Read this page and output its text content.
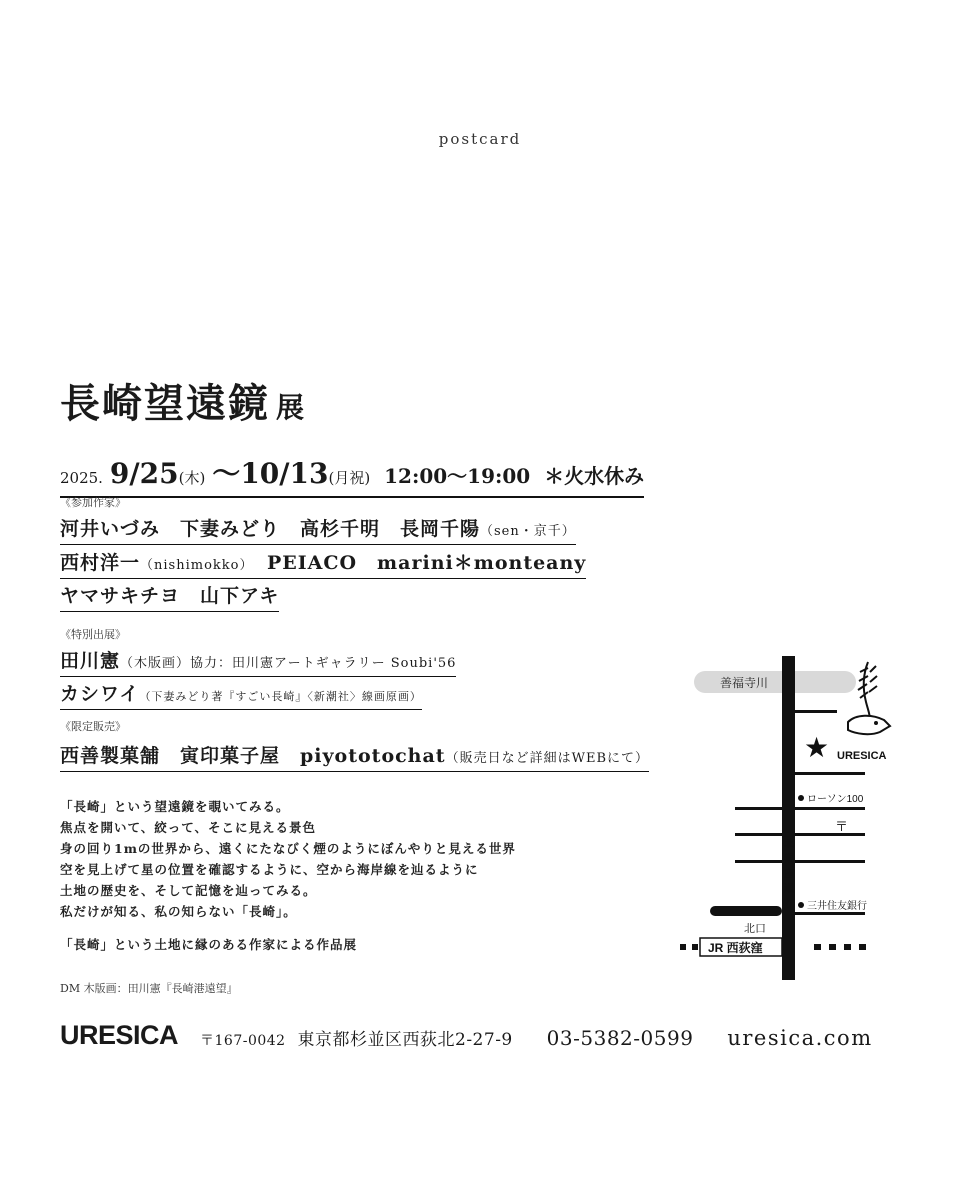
postcard
長崎望遠鏡 展
2025. 9/25(木) 〜10/13(月祝) 12:00〜19:00 ＊火水休み
《参加作家》
河井いづみ　下妻みどり　高杉千明　長岡千陽（sen・京千）
西村洋一（nishimokko）　PEIACO　marini＊monteany
ヤマサキチヨ　山下アキ
《特別出展》
田川憲（木版画）協力：田川憲アートギャラリー Soubi'56
カシワイ（下妻みどり著『すごい長崎』〈新潮社〉線画原画）
《限定販売》
西善製菓舗　寅印菓子屋　piyototochat（販売日など詳細はWEBにて）
「長崎」という望遠鏡を覗いてみる。
焦点を開いて、絞って、そこに見える景色
身の回り1mの世界から、遠くにたなびく煙のようにぼんやりと見える世界
空を見上げて星の位置を確認するように、空から海岸線を辿るように
土地の歴史を、そして記憶を辿ってみる。
私だけが知る、私の知らない「長崎」。
「長崎」という土地に縁のある作家による作品展
DM 木版画：田川憲『長崎港遠望』
善福寺川
★ URESICA
ローソン100
〒
北
銀
座
通
り 三井住友銀行
北口
JR 西荻窪
URESICA 〒167-0042 東京都杉並区西荻北2-27-9 03-5382-0599 uresica.com
